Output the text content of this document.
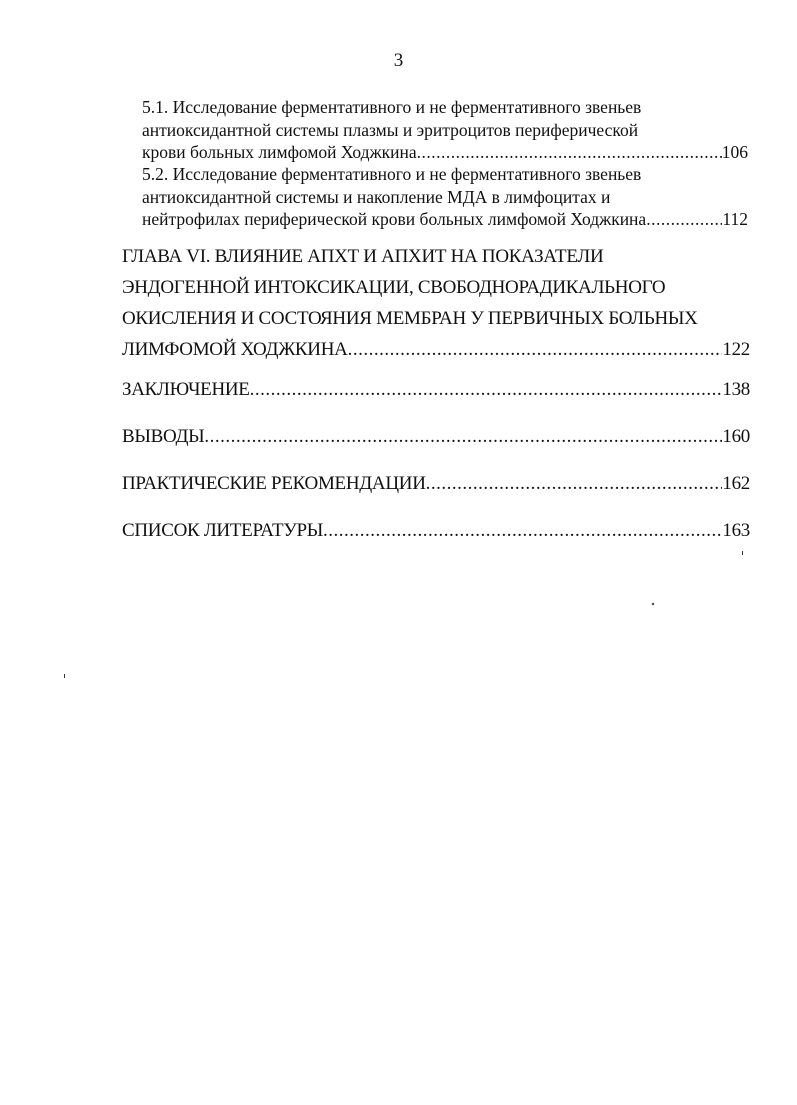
3
5.1. Исследование ферментативного и не ферментативного звеньев
антиоксидантной системы плазмы и эритроцитов периферической
крови больных лимфомой Ходжкина .....	106
5.2. Исследование ферментативного и не ферментативного звеньев
антиоксидантной системы и накопление МДА в лимфоцитах и
нейтрофилах периферической крови больных лимфомой Ходжкина .....	112
ГЛАВА VI. ВЛИЯНИЕ АПХТ И АПХИТ НА ПОКАЗАТЕЛИ
ЭНДОГЕННОЙ ИНТОКСИКАЦИИ, СВОБОДНОРАДИКАЛЬНОГО
ОКИСЛЕНИЯ И СОСТОЯНИЯ МЕМБРАН У ПЕРВИЧНЫХ БОЛЬНЫХ
ЛИМФОМОЙ ХОДЖКИНА .....	122
ЗАКЛЮЧЕНИЕ .....	138
ВЫВОДЫ .....	160
ПРАКТИЧЕСКИЕ РЕКОМЕНДАЦИИ .....	162
СПИСОК ЛИТЕРАТУРЫ .....	163
